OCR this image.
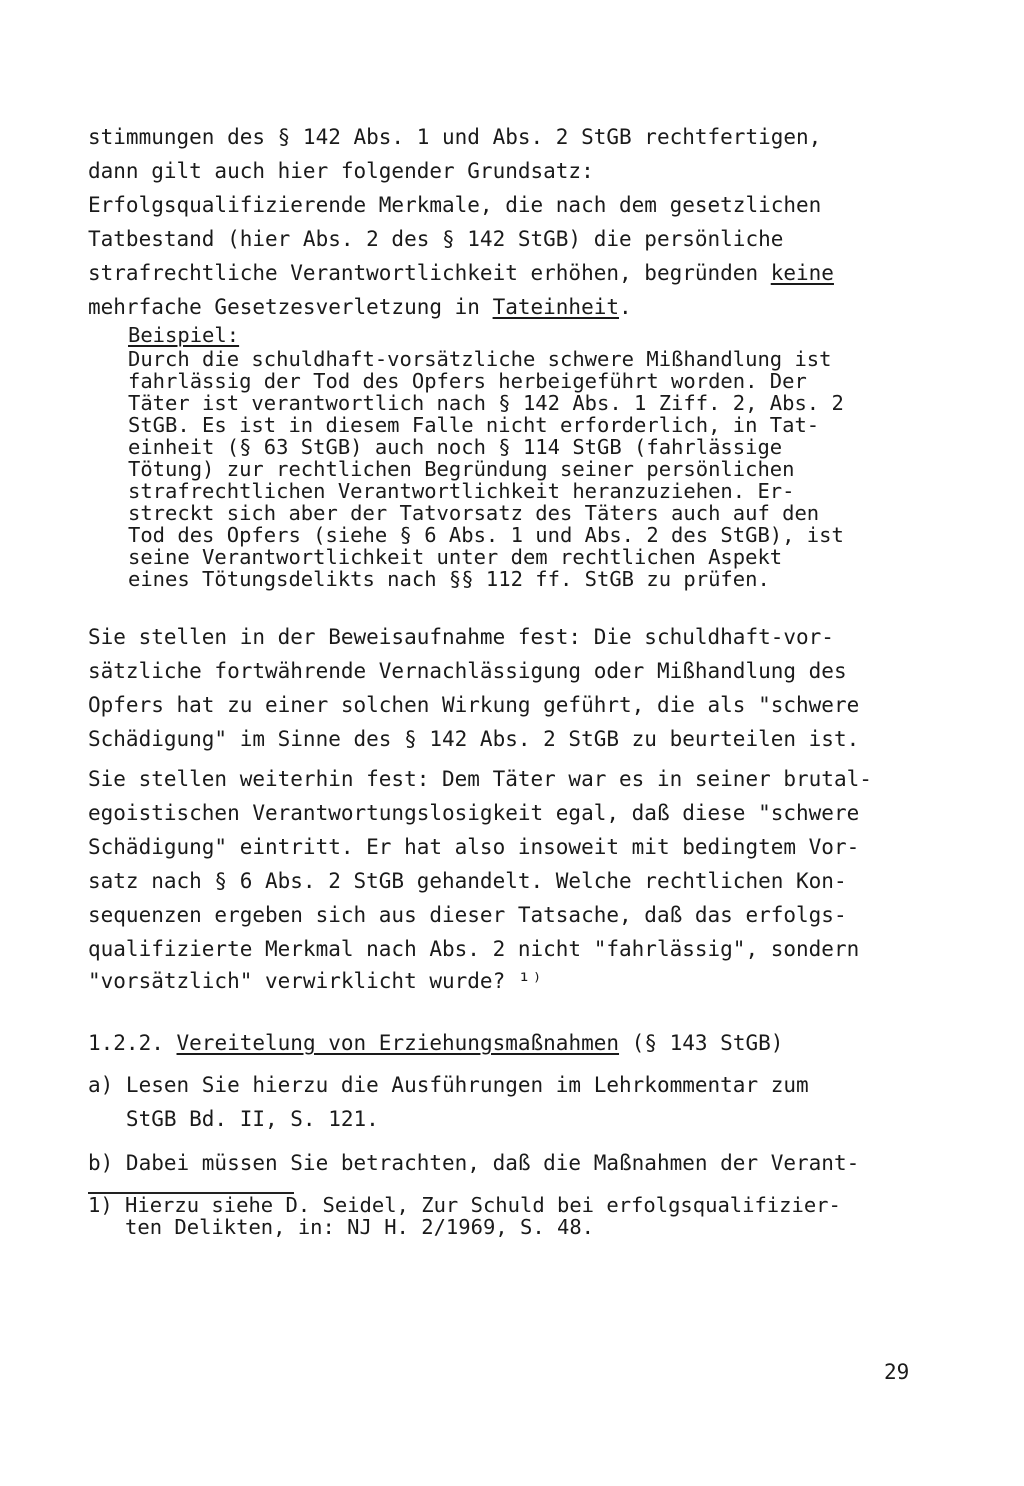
stimmungen des § 142 Abs. 1 und Abs. 2 StGB rechtfertigen,
dann gilt auch hier folgender Grundsatz:
Erfolgsqualifizierende Merkmale, die nach dem gesetzlichen
Tatbestand (hier Abs. 2 des § 142 StGB) die persönliche
strafrechtliche Verantwortlichkeit erhöhen, begründen keine
mehrfache Gesetzesverletzung in Tateinheit.
Beispiel:
Durch die schuldhaft-vorsätzliche schwere Mißhandlung ist
fahrlässig der Tod des Opfers herbeigeführt worden. Der
Täter ist verantwortlich nach § 142 Abs. 1 Ziff. 2, Abs. 2
StGB. Es ist in diesem Falle nicht erforderlich, in Tat-
einheit (§ 63 StGB) auch noch § 114 StGB (fahrlässige
Tötung) zur rechtlichen Begründung seiner persönlichen
strafrechtlichen Verantwortlichkeit heranzuziehen. Er-
streckt sich aber der Tatvorsatz des Täters auch auf den
Tod des Opfers (siehe § 6 Abs. 1 und Abs. 2 des StGB), ist
seine Verantwortlichkeit unter dem rechtlichen Aspekt
eines Tötungsdelikts nach §§ 112 ff. StGB zu prüfen.
Sie stellen in der Beweisaufnahme fest: Die schuldhaft-vor-
sätzliche fortwährende Vernachlässigung oder Mißhandlung des
Opfers hat zu einer solchen Wirkung geführt, die als "schwere
Schädigung" im Sinne des § 142 Abs. 2 StGB zu beurteilen ist.
Sie stellen weiterhin fest: Dem Täter war es in seiner brutal-
egoistischen Verantwortungslosigkeit egal, daß diese "schwere
Schädigung" eintritt. Er hat also insoweit mit bedingtem Vor-
satz nach § 6 Abs. 2 StGB gehandelt. Welche rechtlichen Kon-
sequenzen ergeben sich aus dieser Tatsache, daß das erfolgs-
qualifizierte Merkmal nach Abs. 2 nicht "fahrlässig", sondern
"vorsätzlich" verwirklicht wurde? ¹⁾
1.2.2. Vereitelung von Erziehungsmaßnahmen (§ 143 StGB)
a) Lesen Sie hierzu die Ausführungen im Lehrkommentar zum
StGB Bd. II, S. 121.
b) Dabei müssen Sie betrachten, daß die Maßnahmen der Verant-
1) Hierzu siehe D. Seidel, Zur Schuld bei erfolgsqualifizier-
ten Delikten, in: NJ H. 2/1969, S. 48.
29
